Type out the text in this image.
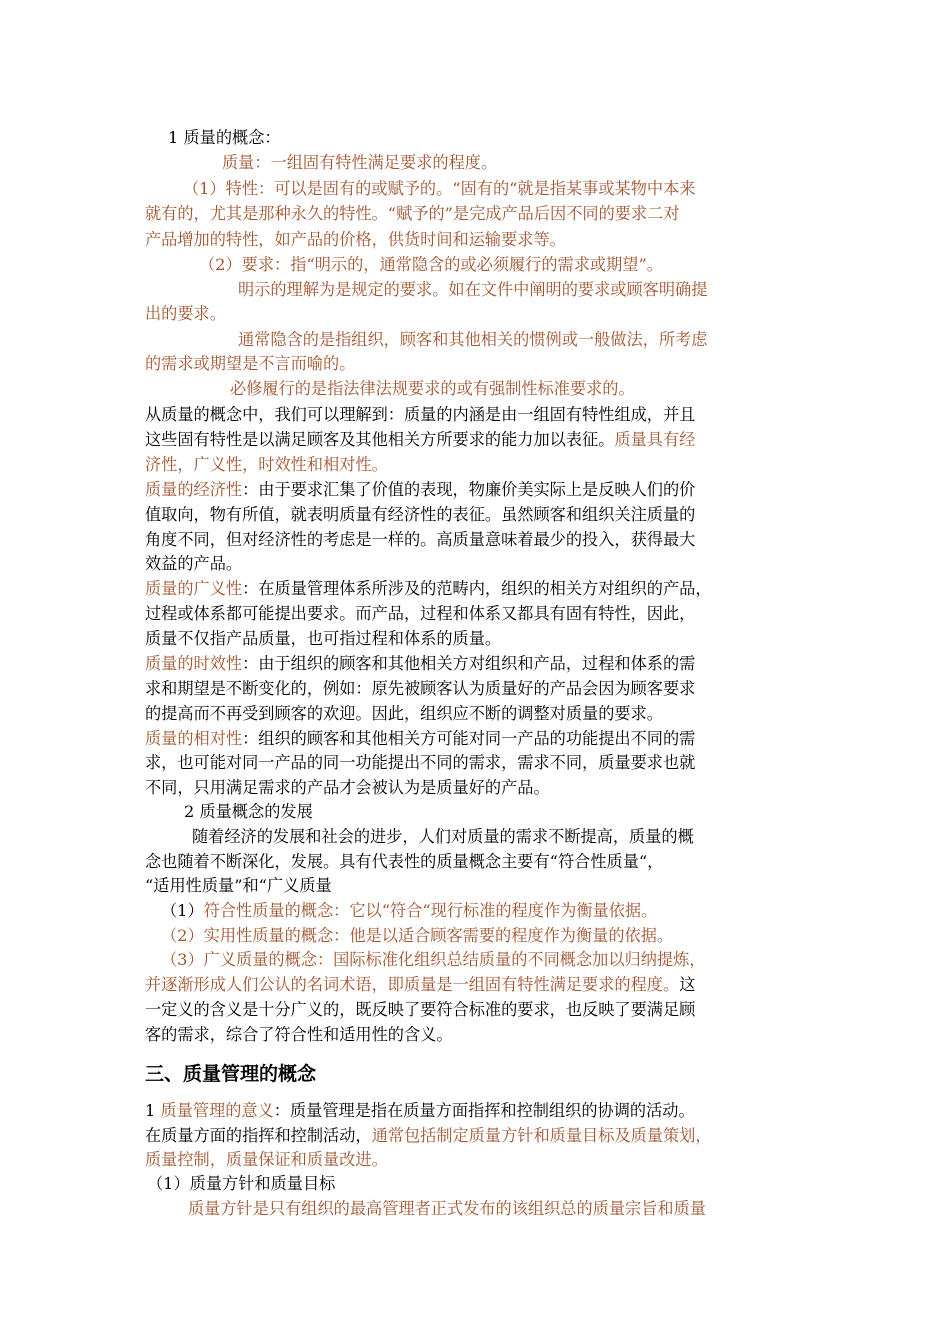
1 质量的概念：
质量：一组固有特性满足要求的程度。
（1）特性：可以是固有的或赋予的。“固有的“就是指某事或某物中本来
就有的，尤其是那种永久的特性。“赋予的”是完成产品后因不同的要求二对
产品增加的特性，如产品的价格，供货时间和运输要求等。
（2）要求：指“明示的，通常隐含的或必须履行的需求或期望”。
明示的理解为是规定的要求。如在文件中阐明的要求或顾客明确提
出的要求。
通常隐含的是指组织，顾客和其他相关的惯例或一般做法，所考虑
的需求或期望是不言而喻的。
必修履行的是指法律法规要求的或有强制性标准要求的。
从质量的概念中，我们可以理解到：质量的内涵是由一组固有特性组成，并且
这些固有特性是以满足顾客及其他相关方所要求的能力加以表征。质量具有经
济性，广义性，时效性和相对性。
质量的经济性：由于要求汇集了价值的表现，物廉价美实际上是反映人们的价
值取向，物有所值，就表明质量有经济性的表征。虽然顾客和组织关注质量的
角度不同，但对经济性的考虑是一样的。高质量意味着最少的投入，获得最大
效益的产品。
质量的广义性：在质量管理体系所涉及的范畴内，组织的相关方对组织的产品，
过程或体系都可能提出要求。而产品，过程和体系又都具有固有特性，因此，
质量不仅指产品质量，也可指过程和体系的质量。
质量的时效性：由于组织的顾客和其他相关方对组织和产品，过程和体系的需
求和期望是不断变化的，例如：原先被顾客认为质量好的产品会因为顾客要求
的提高而不再受到顾客的欢迎。因此，组织应不断的调整对质量的要求。
质量的相对性：组织的顾客和其他相关方可能对同一产品的功能提出不同的需
求，也可能对同一产品的同一功能提出不同的需求，需求不同，质量要求也就
不同，只用满足需求的产品才会被认为是质量好的产品。
2 质量概念的发展
随着经济的发展和社会的进步，人们对质量的需求不断提高，质量的概
念也随着不断深化，发展。具有代表性的质量概念主要有“符合性质量“，
“适用性质量”和“广义质量
（1）符合性质量的概念：它以“符合“现行标准的程度作为衡量依据。
（2）实用性质量的概念：他是以适合顾客需要的程度作为衡量的依据。
（3）广义质量的概念：国际标准化组织总结质量的不同概念加以归纳提炼，
并逐渐形成人们公认的名词术语，即质量是一组固有特性满足要求的程度。这
一定义的含义是十分广义的，既反映了要符合标准的要求，也反映了要满足顾
客的需求，综合了符合性和适用性的含义。
三、质量管理的概念
1 质量管理的意义：质量管理是指在质量方面指挥和控制组织的协调的活动。
在质量方面的指挥和控制活动，通常包括制定质量方针和质量目标及质量策划，
质量控制，质量保证和质量改进。
（1）质量方针和质量目标
质量方针是只有组织的最高管理者正式发布的该组织总的质量宗旨和质量
